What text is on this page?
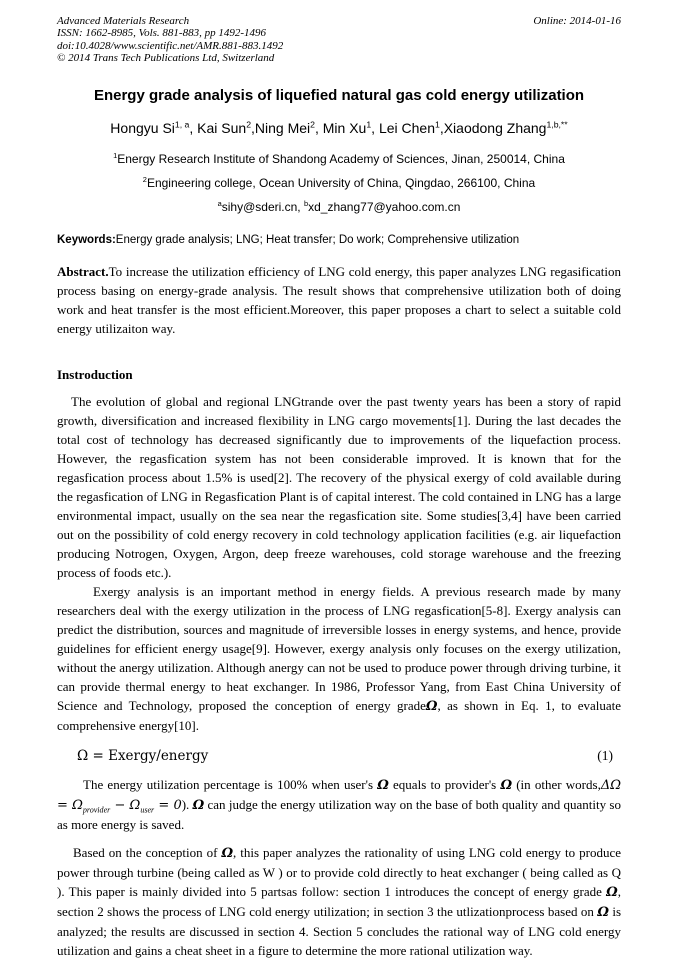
Advanced Materials Research
ISSN: 1662-8985, Vols. 881-883, pp 1492-1496
doi:10.4028/www.scientific.net/AMR.881-883.1492
© 2014 Trans Tech Publications Ltd, Switzerland
Online: 2014-01-16
Energy grade analysis of liquefied natural gas cold energy utilization
Hongyu Si$^{1, a}$, Kai Sun$^2$,Ning Mei$^2$, Min Xu$^1$, Lei Chen$^1$,Xiaodong Zhang$^{1,b,**}$
$^1$Energy Research Institute of Shandong Academy of Sciences, Jinan, 250014, China
$^2$Engineering college, Ocean University of China, Qingdao, 266100, China
$^a$sihy@sderi.cn, $^b$xd_zhang77@yahoo.com.cn
Keywords:Energy grade analysis; LNG; Heat transfer; Do work; Comprehensive utilization
Abstract.To increase the utilization efficiency of LNG cold energy, this paper analyzes LNG regasification process basing on energy-grade analysis. The result shows that comprehensive utilization both of doing work and heat transfer is the most efficient.Moreover, this paper proposes a chart to select a suitable cold energy utilizaiton way.
Instroduction

The evolution of global and regional LNGtrande over the past twenty years has been a story of rapid growth, diversification and increased flexibility in LNG cargo movements[1]. During the last decades the total cost of technology has decreased significantly due to improvements of the liquefaction process. However, the regasfication system has not been considerable improved. It is known that for the regasfication process about 1.5% is used[2]. The recovery of the physical exergy of cold available during the regasfication of LNG in Regasfication Plant is of capital interest. The cold contained in LNG has a large environmental impact, usually on the sea near the regasfication site. Some studies[3,4] have been carried out on the possibility of cold energy recovery in cold technology application facilities (e.g. air liquefaction producing Notrogen, Oxygen, Argon, deep freeze warehouses, cold storage warehouse and the freezing process of foods etc.).

Exergy analysis is an important method in energy fields. A previous research made by many researchers deal with the exergy utilization in the process of LNG regasfication[5-8]. Exergy analysis can predict the distribution, sources and magnitude of irreversible losses in energy systems, and hence, provide guidelines for efficient energy usage[9]. However, exergy analysis only focuses on the exergy utilization, without the anergy utilization. Although anergy can not be used to produce power through driving turbine, it can provide thermal energy to heat exchanger. In 1986, Professor Yang, from East China University of Science and Technology, proposed the conception of energy gradeΩ, as shown in Eq. 1, to evaluate comprehensive energy[10].

Ω = Exergy/energy	(1)

The energy utilization percentage is 100% when user's Ω equals to provider's Ω (in other words,ΔΩ = $\Omega_{provider} - \Omega_{user} = 0$). Ω can judge the energy utilization way on the base of both quality and quantity so as more energy is saved.

Based on the conception of Ω, this paper analyzes the rationality of using LNG cold energy to produce power through turbine (being called as W ) or to provide cold directly to heat exchanger ( being called as Q ). This paper is mainly divided into 5 partsas follow: section 1 introduces the concept of energy grade Ω, section 2 shows the process of LNG cold energy utilization; in section 3 the utlizationprocess based on Ω is analyzed; the results are discussed in section 4. Section 5 concludes the rational way of LNG cold energy utilization and gains a cheat sheet in a figure to determine the more rational utilization way.
